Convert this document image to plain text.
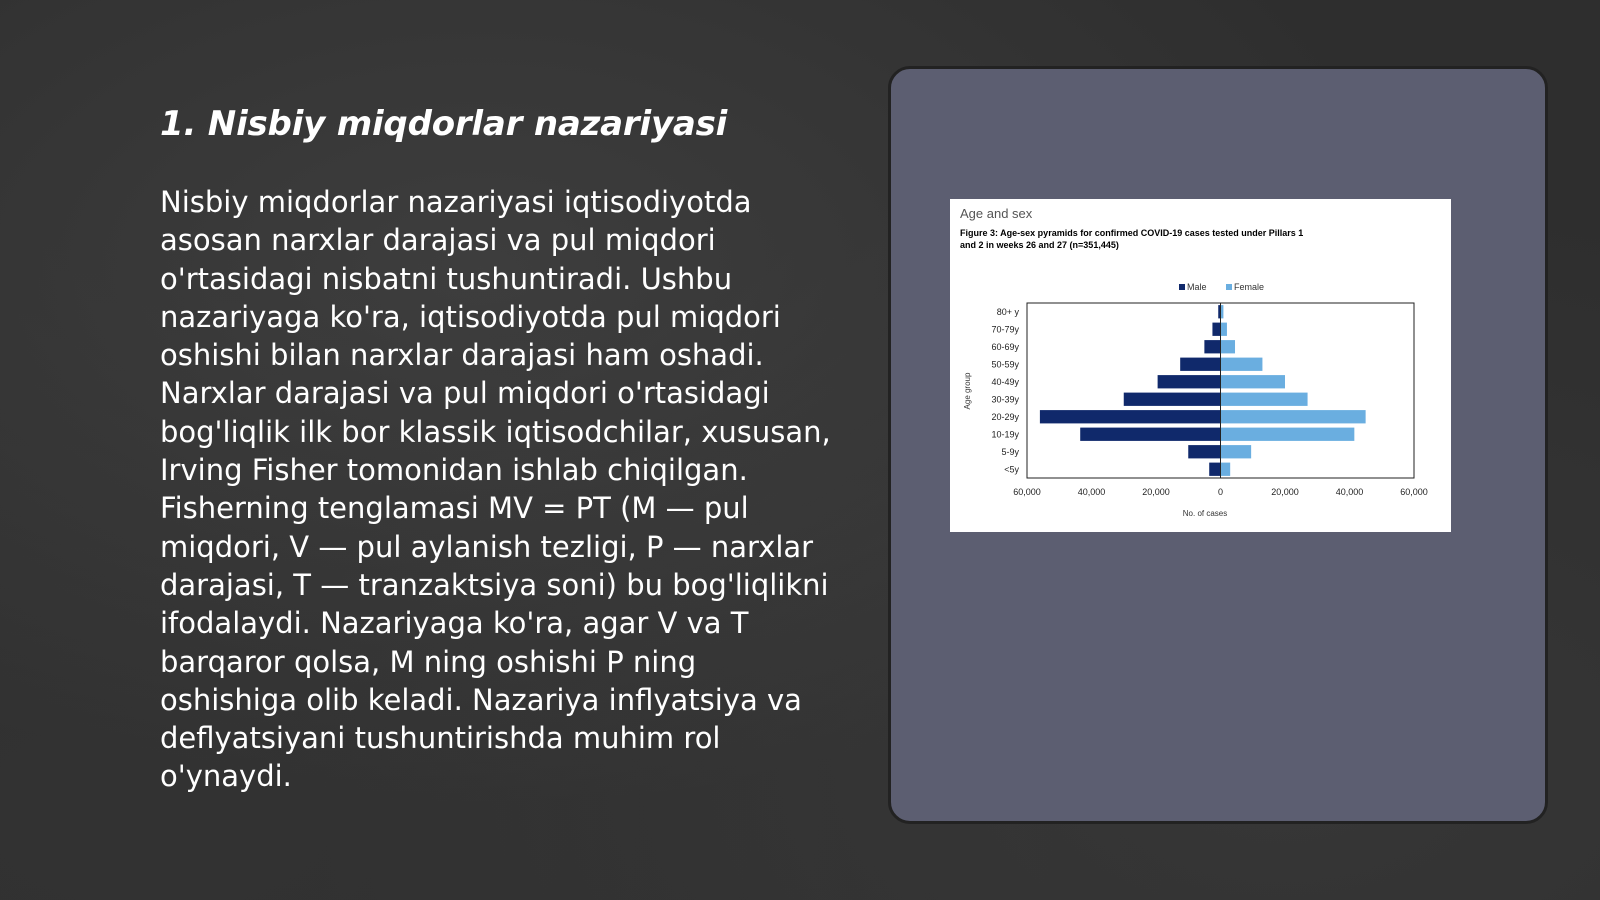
1. Nisbiy miqdorlar nazariyasi

Nisbiy miqdorlar nazariyasi iqtisodiyotda asosan narxlar darajasi va pul miqdori o'rtasidagi nisbatni tushuntiradi. Ushbu nazariyaga ko'ra, iqtisodiyotda pul miqdori oshishi bilan narxlar darajasi ham oshadi. Narxlar darajasi va pul miqdori o'rtasidagi bog'liqlik ilk bor klassik iqtisodchilar, xususan, Irving Fisher tomonidan ishlab chiqilgan. Fisherning tenglamasi MV = PT (M — pul miqdori, V — pul aylanish tezligi, P — narxlar darajasi, T — tranzaktsiya soni) bu bog'liqlikni ifodalaydi. Nazariyaga ko'ra, agar V va T barqaror qolsa, M ning oshishi P ning oshishiga olib keladi. Nazariya inflyatsiya va deflyatsiyani tushuntirishda muhim rol o'ynaydi.

Age and sex
Figure 3: Age-sex pyramids for confirmed COVID-19 cases tested under Pillars 1
and 2 in weeks 26 and 27 (n=351,445)
Male	Female
80+ y
70-79y
60-69y
50-59y
40-49y
30-39y
20-29y
10-19y
5-9y
<5y
60,000	40,000	20,000	0	20,000	40,000	60,000
Age group
No. of cases
